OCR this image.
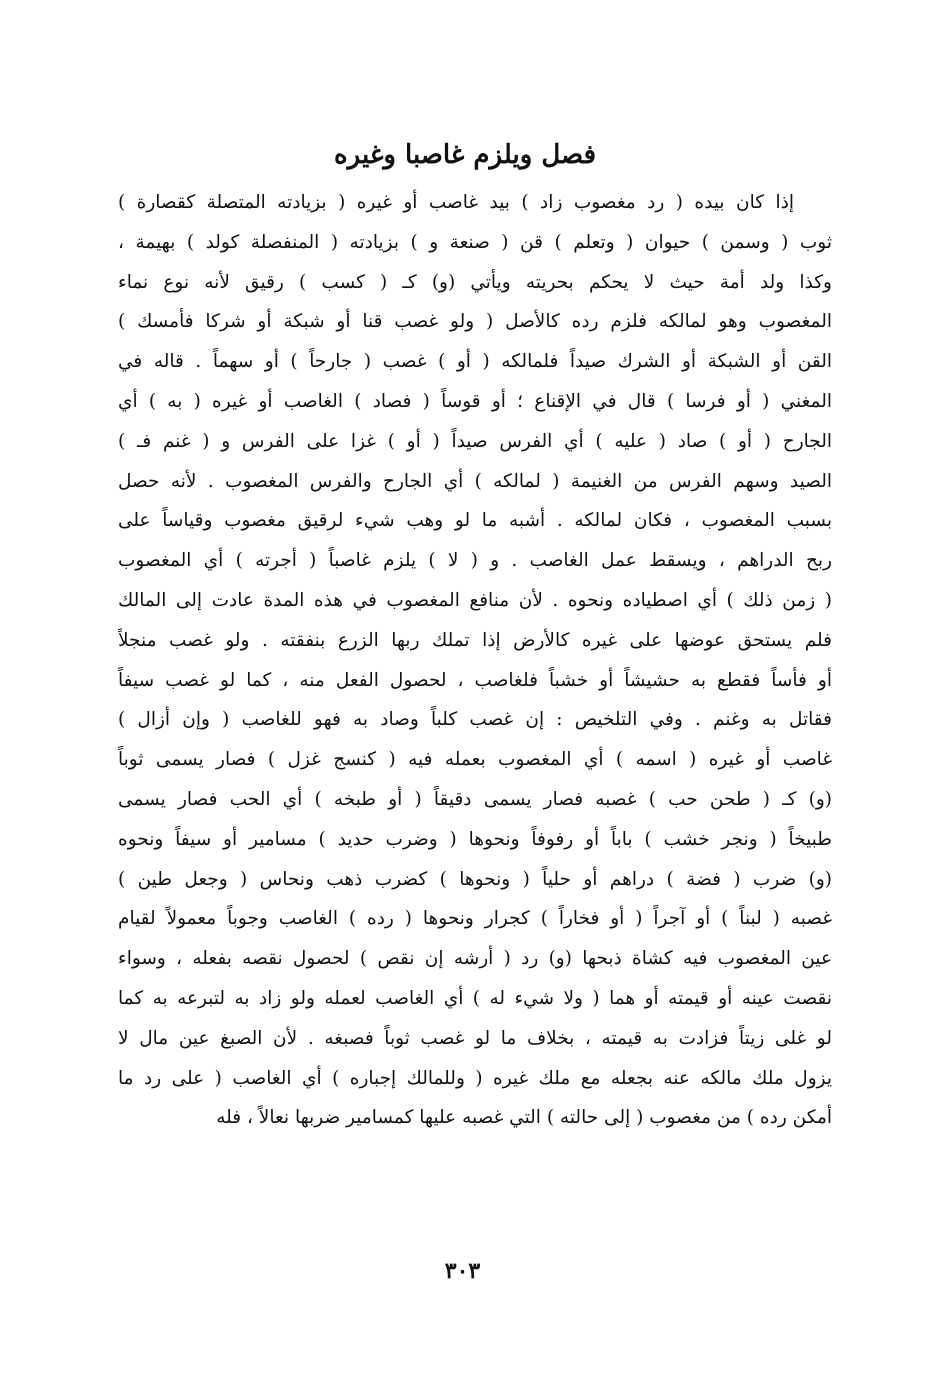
فصل ويلزم غاصبا وغيره
إذا كان بيده ( رد مغصوب زاد ) بيد غاصب أو غيره ( بزيادته المتصلة كقصارة )
ثوب ( وسمن ) حيوان ( وتعلم ) قن ( صنعة و ) بزيادته ( المنفصلة كولد ) بهيمة ،
وكذا ولد أمة حيث لا يحكم بحريته ويأتي (و) كـ ( كسب ) رقيق لأنه نوع نماء
المغصوب وهو لمالكه فلزم رده كالأصل ( ولو غصب قنا أو شبكة أو شركا فأمسك )
القن أو الشبكة أو الشرك صيداً فلمالكه ( أو ) غصب ( جارحاً ) أو سهماً . قاله في
المغني ( أو فرسا ) قال في الإقناع ؛ أو قوساً ( فصاد ) الغاصب أو غيره ( به ) أي
الجارح ( أو ) صاد ( عليه ) أي الفرس صيداً ( أو ) غزا على الفرس و ( غنم فـ )
الصيد وسهم الفرس من الغنيمة ( لمالكه ) أي الجارح والفرس المغصوب . لأنه حصل
بسبب المغصوب ، فكان لمالكه . أشبه ما لو وهب شيء لرقيق مغصوب وقياساً على
ربح الدراهم ، ويسقط عمل الغاصب . و ( لا ) يلزم غاصباً ( أجرته ) أي المغصوب
( زمن ذلك ) أي اصطياده ونحوه . لأن منافع المغصوب في هذه المدة عادت إلى المالك
فلم يستحق عوضها على غيره كالأرض إذا تملك ربها الزرع بنفقته . ولو غصب منجلاً
أو فأساً فقطع به حشيشاً أو خشباً فلغاصب ، لحصول الفعل منه ، كما لو غصب سيفاً
فقاتل به وغنم . وفي التلخيص : إن غصب كلباً وصاد به فهو للغاصب ( وإن أزال )
غاصب أو غيره ( اسمه ) أي المغصوب بعمله فيه ( كنسج غزل ) فصار يسمى ثوباً
(و) كـ ( طحن حب ) غصبه فصار يسمى دقيقاً ( أو طبخه ) أي الحب فصار يسمى
طبيخاً ( ونجر خشب ) باباً أو رفوفاً ونحوها ( وضرب حديد ) مسامير أو سيفاً ونحوه
(و) ضرب ( فضة ) دراهم أو حلياً ( ونحوها ) كضرب ذهب ونحاس ( وجعل طين )
غصبه ( لبناً ) أو آجراً ( أو فخاراً ) كجرار ونحوها ( رده ) الغاصب وجوباً معمولاً لقيام
عين المغصوب فيه كشاة ذبحها (و) رد ( أرشه إن نقص ) لحصول نقصه بفعله ، وسواء
نقصت عينه أو قيمته أو هما ( ولا شيء له ) أي الغاصب لعمله ولو زاد به لتبرعه به كما
لو غلى زيتاً فزادت به قيمته ، بخلاف ما لو غصب ثوباً فصبغه . لأن الصبغ عين مال لا
يزول ملك مالكه عنه بجعله مع ملك غيره ( وللمالك إجباره ) أي الغاصب ( على رد ما
أمكن رده ) من مغصوب ( إلى حالته ) التي غصبه عليها كمسامير ضربها نعالاً ، فله
٣٠٣
